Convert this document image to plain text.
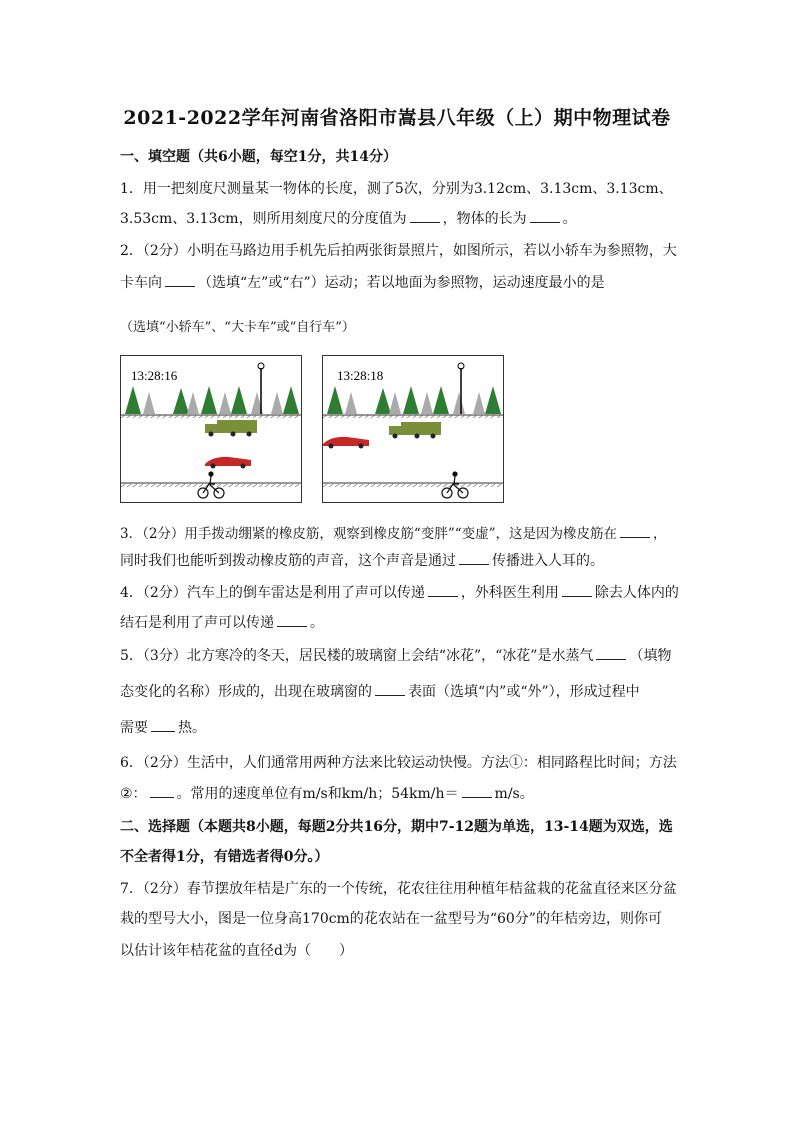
2021-2022学年河南省洛阳市嵩县八年级（上）期中物理试卷
一、填空题（共6小题，每空1分，共14分）
1．用一把刻度尺测量某一物体的长度，测了5次，分别为3.12cm、3.13cm、3.13cm、
3.53cm、3.13cm，则所用刻度尺的分度值为	，物体的长为	。
2．（2分）小明在马路边用手机先后拍两张街景照片，如图所示，若以小轿车为参照物，大
卡车向	（选填“左”或“右”）运动；若以地面为参照物，运动速度最小的是
（选填“小轿车”、“大卡车”或“自行车”）
13:28:16	13:28:18
3．（2分）用手拨动绷紧的橡皮筋，观察到橡皮筋“变胖”“变虚”，这是因为橡皮筋在	，
同时我们也能听到拨动橡皮筋的声音，这个声音是通过	传播进入人耳的。
4．（2分）汽车上的倒车雷达是利用了声可以传递	，外科医生利用	除去人体内的
结石是利用了声可以传递	。
5．（3分）北方寒冷的冬天，居民楼的玻璃窗上会结“冰花”，“冰花”是水蒸气	（填物
态变化的名称）形成的，出现在玻璃窗的	表面（选填“内”或“外”），形成过程中
需要 热。
6．（2分）生活中，人们通常用两种方法来比较运动快慢。方法①：相同路程比时间；方法
②： 。常用的速度单位有m/s和km/h；54km/h＝	m/s。
二、选择题（本题共8小题，每题2分共16分，期中7-12题为单选，13-14题为双选，选
不全者得1分，有错选者得0分。）
7．（2分）春节摆放年桔是广东的一个传统，花农往往用种植年桔盆栽的花盆直径来区分盆
栽的型号大小，图是一位身高170cm的花农站在一盆型号为“60分”的年桔旁边，则你可
以估计该年桔花盆的直径d为（　　）
